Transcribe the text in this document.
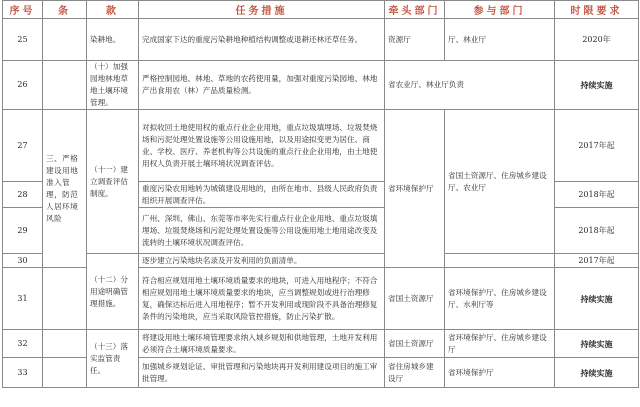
序号	条	款	任务措施	牵头部门	参与部门	时限要求
25		染耕地。	完成国家下达的重度污染耕地种植结构调整或退耕还林还草任务。	资源厅	厅、林业厅	2020年
26		（十）加强园地林地草地土壤环境管理。	严格控制园地、林地、草地的农药使用量，加强对重度污染园地、林地产出食用农（林）产品质量检测。	省农业厅、林业厅负责		持续实施
27	三、严格建设用地准入管理，防范人居环境风险	（十一）建立调查评估制度。	对拟收回土地使用权的重点行业企业用地，重点垃圾填埋场、垃圾焚烧场和污泥处理处置设施等公用设施用地，以及用途拟变更为居住、商业、学校、医疗、养老机构等公共设施的重点行业企业用地，由土地使用权人负责开展土壤环境状况调查评估。	省环境保护厅	省国土资源厅、住房城乡建设厅、农业厅	2017年起
28			重度污染农用地转为城镇建设用地的，由所在地市、县级人民政府负责组织开展调查评估。			2018年起
29			广州、深圳、佛山、东莞等市率先实行重点行业企业用地、重点垃圾填埋场、垃圾焚烧场和污泥处理处置设施等公用设施用地土地用途改变及流转的土壤环境状况调查评估。			2018年起
30		（十二）分用途明确管理措施。	逐步建立污染地块名录及开发利用的负面清单。			2017年起
31			符合相应规划用地土壤环境质量要求的地块，可进入用地程序；不符合相应规划用地土壤环境质量要求的地块，应当调整规划或进行治理修复，确保达标后进入用地程序；暂不开发利用或现阶段不具备治理修复条件的污染地块，应当采取风险管控措施，防止污染扩散。	省国土资源厅	省环境保护厅、住房城乡建设厅、水利厅等	持续实施
32		（十三）落实监管责任。	将建设用地土壤环境管理要求纳入城乡规划和供地管理，土地开发利用必须符合土壤环境质量要求。	省国土资源厅	省环境保护厅、住房城乡建设厅	持续实施
33			加强城乡规划论证、审批管理和污染地块再开发利用建设项目的施工审批管理。	省住房城乡建设厅	省环境保护厅	持续实施
